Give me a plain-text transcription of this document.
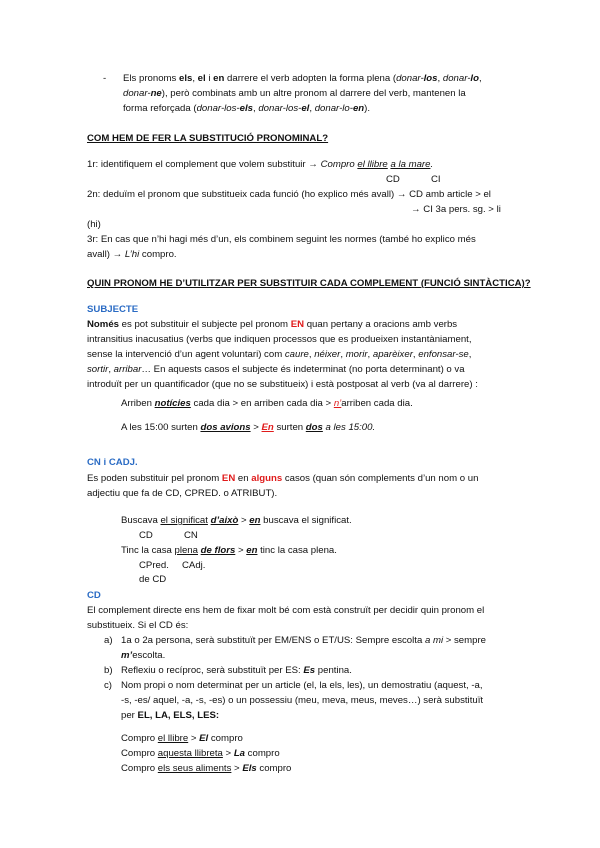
- Els pronoms els, el i en darrere el verb adopten la forma plena (donar-los, donar-lo,
donar-ne), però combinats amb un altre pronom al darrere del verb, mantenen la
forma reforçada (donar-los-els, donar-los-el, donar-lo-en).
COM HEM DE FER LA SUBSTITUCIÓ PRONOMINAL?
1r: identifiquem el complement que volem substituir → Compro el llibre a la mare.
CD	CI
2n: deduïm el pronom que substitueix cada funció (ho explico més avall) → CD amb article > el
→ CI 3a pers. sg. > li
(hi)
3r: En cas que n’hi hagi més d’un, els combinem seguint les normes (també ho explico més
avall) → L’hi compro.
QUIN PRONOM HE D’UTILITZAR PER SUBSTITUIR CADA COMPLEMENT (FUNCIÓ SINTÀCTICA)?
SUBJECTE
Només es pot substituir el subjecte pel pronom EN quan pertany a oracions amb verbs
intransitius inacusatius (verbs que indiquen processos que es produeixen instantàniament,
sense la intervenció d’un agent voluntari) com caure, néixer, morir, aparèixer, enfonsar-se,
sortir, arribar… En aquests casos el subjecte és indeterminat (no porta determinant) o va
introduït per un quantificador (que no se substitueix) i està postposat al verb (va al darrere) :
Arriben notícies cada dia > en arriben cada dia > n’arriben cada dia.
A les 15:00 surten dos avions > En surten dos a les 15:00.
CN i CADJ.
Es poden substituir pel pronom EN en alguns casos (quan són complements d’un nom o un
adjectiu que fa de CD, CPRED. o ATRIBUT).
Buscava el significat d’això > en buscava el significat.
CD	CN
Tinc la casa plena de flors > en tinc la casa plena.
CPred. CAdj.
de CD
CD
El complement directe ens hem de fixar molt bé com està construït per decidir quin pronom el
substitueix. Si el CD és:
a) 1a o 2a persona, serà substituït per EM/ENS o ET/US: Sempre escolta a mi > sempre
m’escolta.
b) Reflexiu o recíproc, serà substituït per ES: Es pentina.
c) Nom propi o nom determinat per un article (el, la els, les), un demostratiu (aquest, -a,
-s, -es/ aquel, -a, -s, -es) o un possessiu (meu, meva, meus, meves…) serà substituït
per EL, LA, ELS, LES:
Compro el llibre > El compro
Compro aquesta llibreta > La compro
Compro els seus aliments > Els compro
